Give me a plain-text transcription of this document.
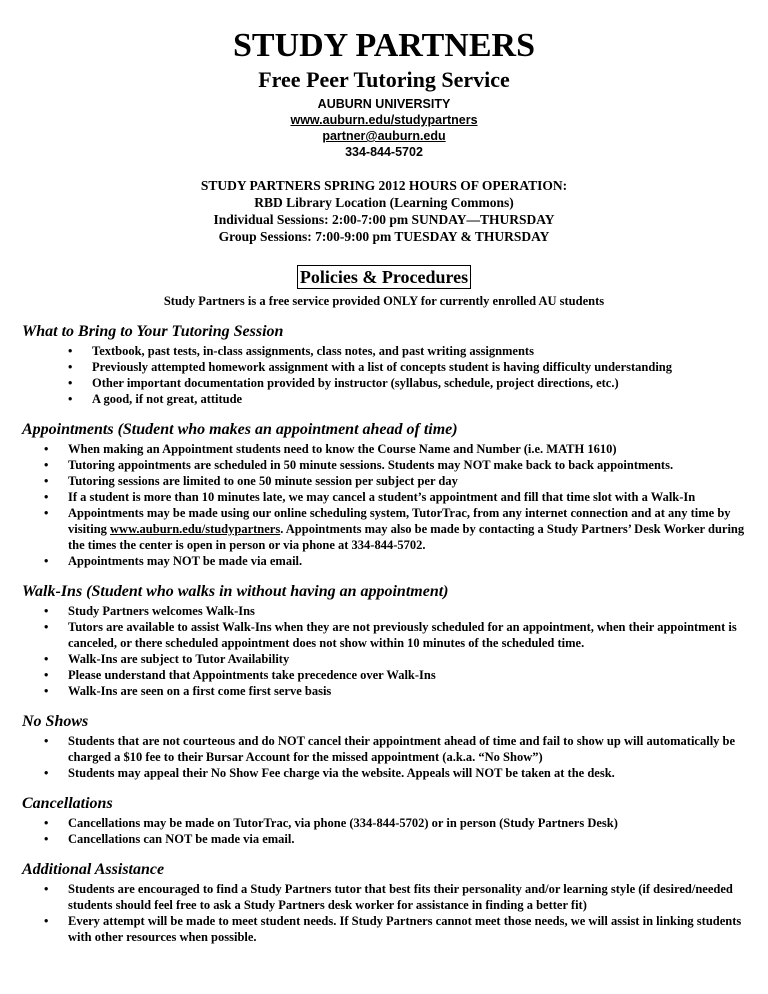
STUDY PARTNERS
Free Peer Tutoring Service
AUBURN UNIVERSITY
www.auburn.edu/studypartners
partner@auburn.edu
334-844-5702
STUDY PARTNERS SPRING 2012 HOURS OF OPERATION:
RBD Library Location (Learning Commons)
Individual Sessions: 2:00-7:00 pm SUNDAY—THURSDAY
Group Sessions: 7:00-9:00 pm TUESDAY & THURSDAY
Policies & Procedures
Study Partners is a free service provided ONLY for currently enrolled AU students
What to Bring to Your Tutoring Session
• Textbook, past tests, in-class assignments, class notes, and past writing assignments
• Previously attempted homework assignment with a list of concepts student is having difficulty understanding
• Other important documentation provided by instructor (syllabus, schedule, project directions, etc.)
• A good, if not great, attitude
Appointments (Student who makes an appointment ahead of time)
• When making an Appointment students need to know the Course Name and Number (i.e. MATH 1610)
• Tutoring appointments are scheduled in 50 minute sessions. Students may NOT make back to back appointments.
• Tutoring sessions are limited to one 50 minute session per subject per day
• If a student is more than 10 minutes late, we may cancel a student’s appointment and fill that time slot with a Walk-In
• Appointments may be made using our online scheduling system, TutorTrac, from any internet connection and at any time by visiting www.auburn.edu/studypartners. Appointments may also be made by contacting a Study Partners’ Desk Worker during the times the center is open in person or via phone at 334-844-5702.
• Appointments may NOT be made via email.
Walk-Ins (Student who walks in without having an appointment)
• Study Partners welcomes Walk-Ins
• Tutors are available to assist Walk-Ins when they are not previously scheduled for an appointment, when their appointment is canceled, or there scheduled appointment does not show within 10 minutes of the scheduled time.
• Walk-Ins are subject to Tutor Availability
• Please understand that Appointments take precedence over Walk-Ins
• Walk-Ins are seen on a first come first serve basis
No Shows
• Students that are not courteous and do NOT cancel their appointment ahead of time and fail to show up will automatically be charged a $10 fee to their Bursar Account for the missed appointment (a.k.a. “No Show”)
• Students may appeal their No Show Fee charge via the website. Appeals will NOT be taken at the desk.
Cancellations
• Cancellations may be made on TutorTrac, via phone (334-844-5702) or in person (Study Partners Desk)
• Cancellations can NOT be made via email.
Additional Assistance
• Students are encouraged to find a Study Partners tutor that best fits their personality and/or learning style (if desired/needed students should feel free to ask a Study Partners desk worker for assistance in finding a better fit)
• Every attempt will be made to meet student needs. If Study Partners cannot meet those needs, we will assist in linking students with other resources when possible.
